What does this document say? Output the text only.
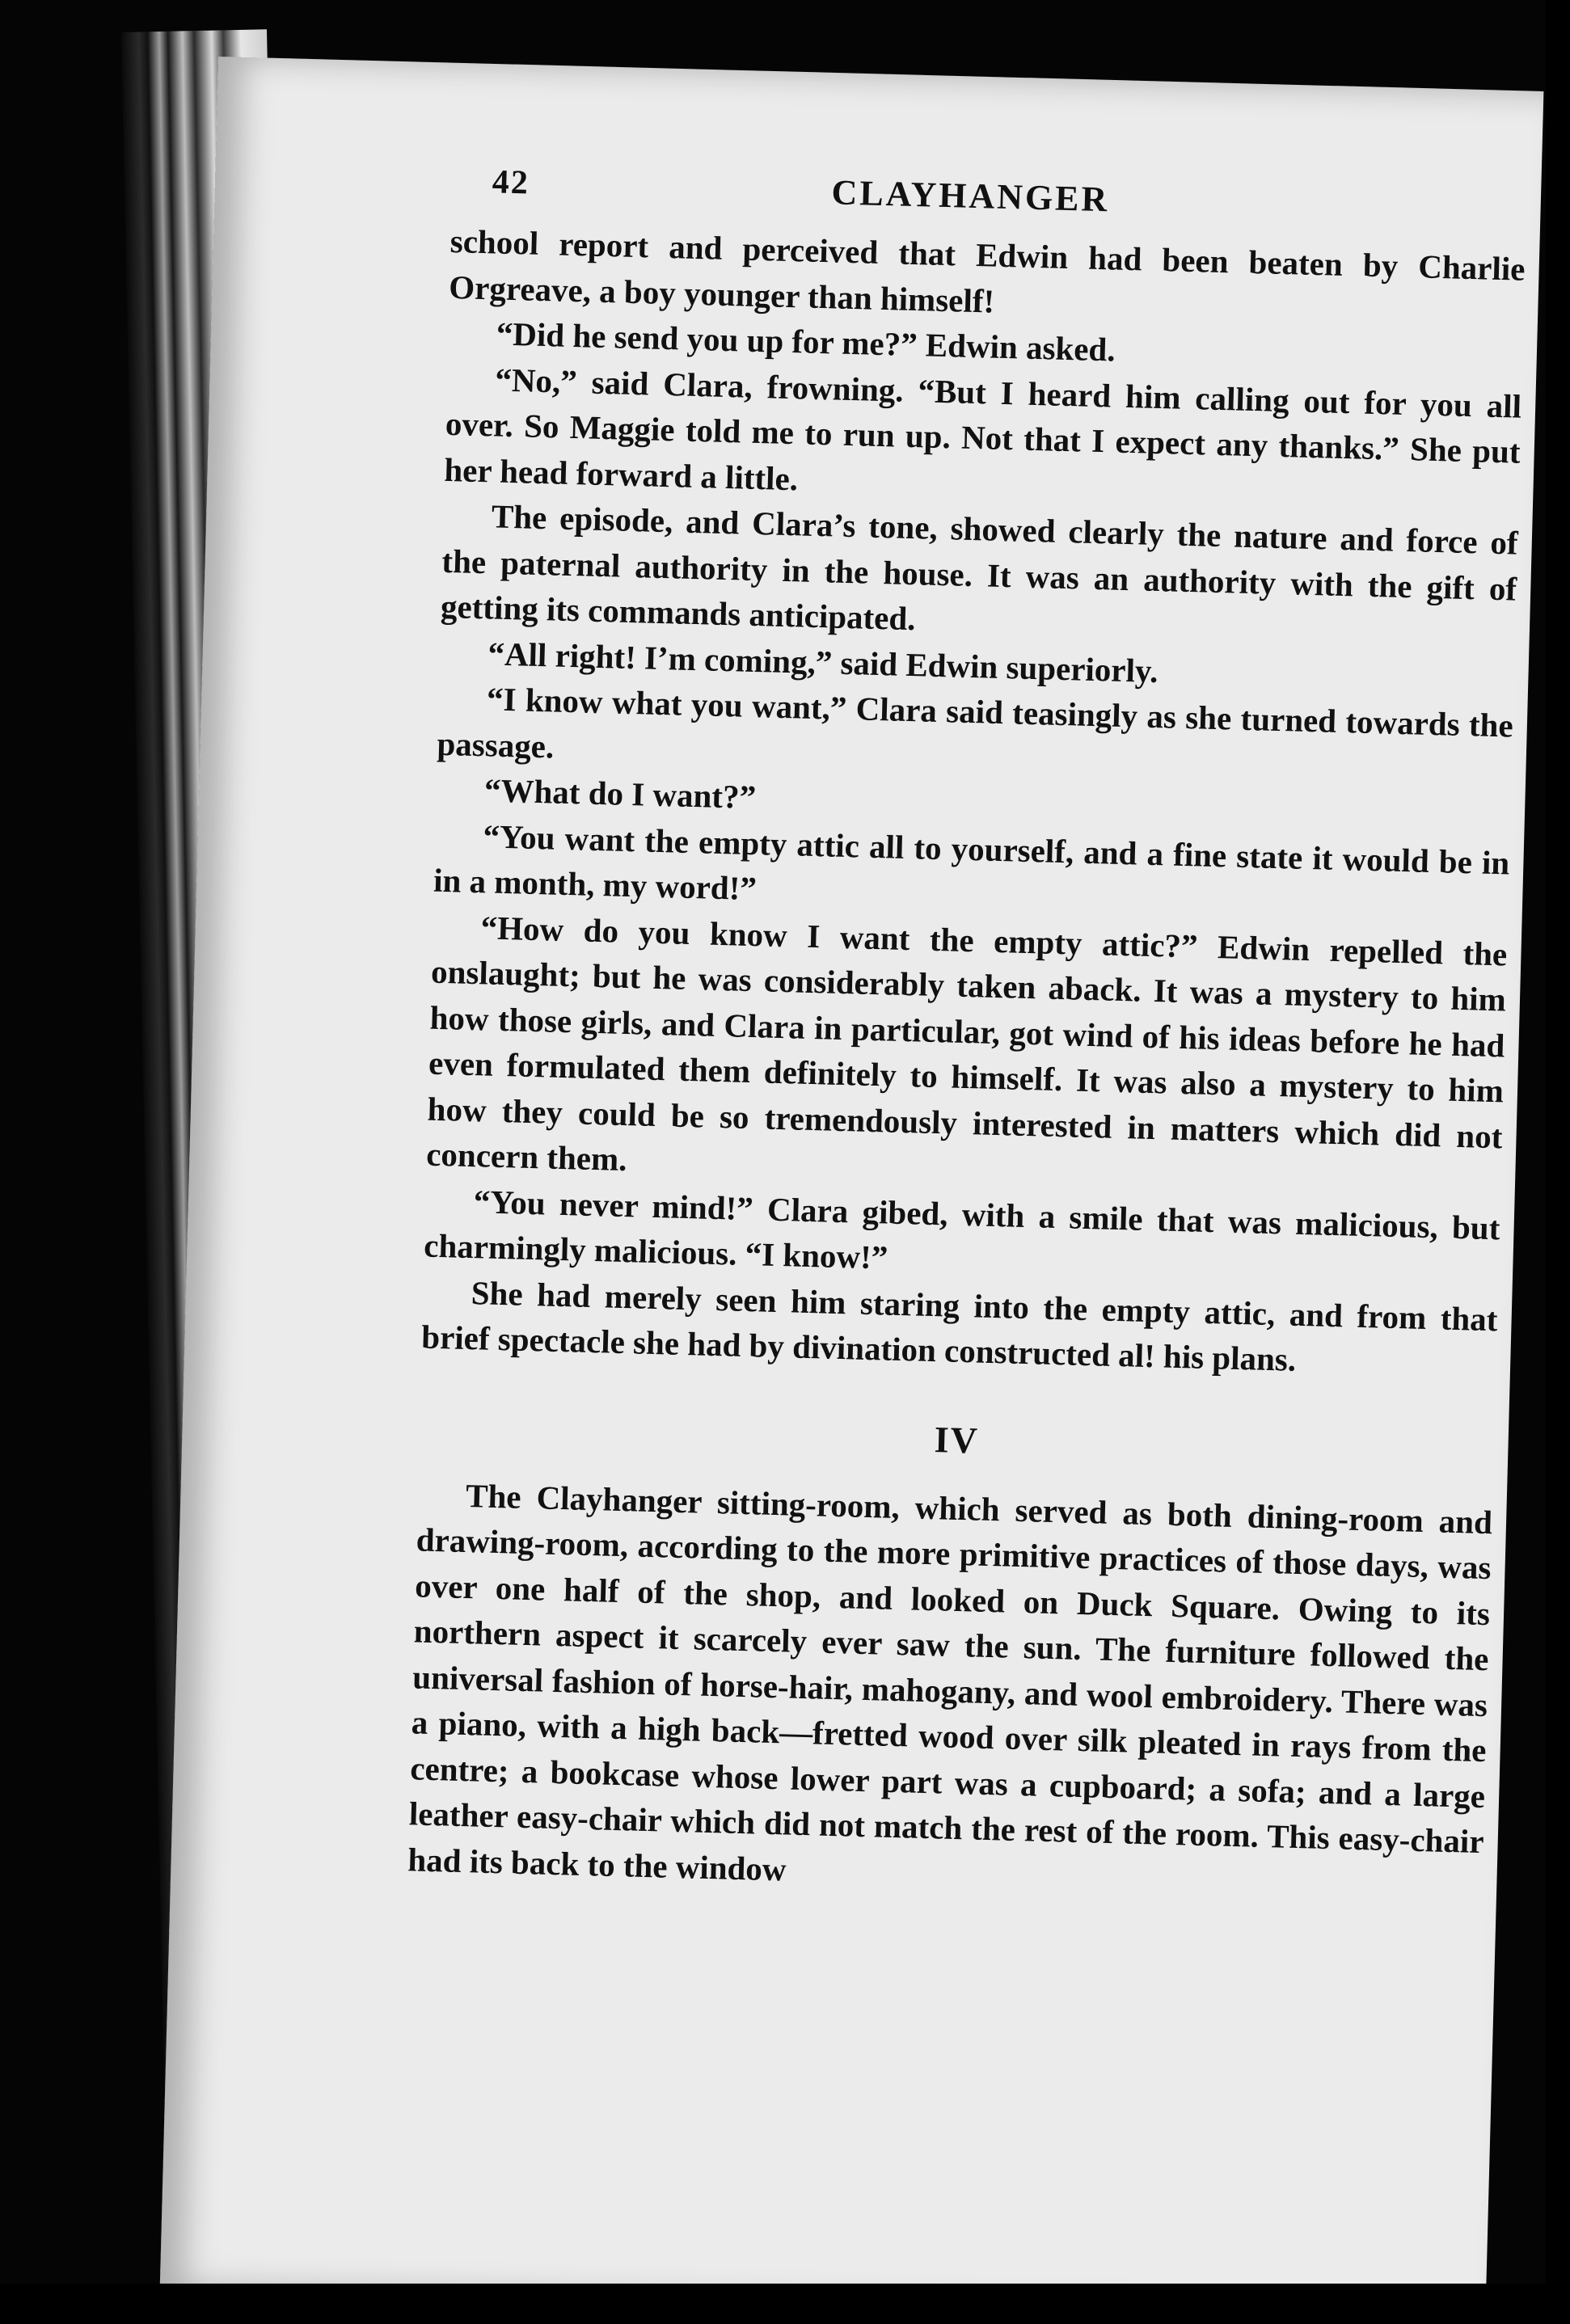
42	CLAYHANGER

school report and perceived that Edwin had been beaten by Charlie Orgreave, a boy younger than himself!

“Did he send you up for me?” Edwin asked.

“No,” said Clara, frowning. “But I heard him calling out for you all over. So Maggie told me to run up. Not that I expect any thanks.” She put her head forward a little.

The episode, and Clara’s tone, showed clearly the nature and force of the paternal authority in the house. It was an authority with the gift of getting its commands anticipated.

“All right! I’m coming,” said Edwin superiorly.

“I know what you want,” Clara said teasingly as she turned towards the passage.

“What do I want?”

“You want the empty attic all to yourself, and a fine state it would be in in a month, my word!”

“How do you know I want the empty attic?” Edwin repelled the onslaught; but he was considerably taken aback. It was a mystery to him how those girls, and Clara in particular, got wind of his ideas before he had even formulated them definitely to himself. It was also a mystery to him how they could be so tremendously interested in matters which did not concern them.

“You never mind!” Clara gibed, with a smile that was malicious, but charmingly malicious. “I know!”

She had merely seen him staring into the empty attic, and from that brief spectacle she had by divination constructed al! his plans.

IV

The Clayhanger sitting-room, which served as both dining-room and drawing-room, according to the more primitive practices of those days, was over one half of the shop, and looked on Duck Square. Owing to its northern aspect it scarcely ever saw the sun. The furniture followed the universal fashion of horse-hair, mahogany, and wool embroidery. There was a piano, with a high back—fretted wood over silk pleated in rays from the centre; a bookcase whose lower part was a cupboard; a sofa; and a large leather easy-chair which did not match the rest of the room. This easy-chair had its back to the window
